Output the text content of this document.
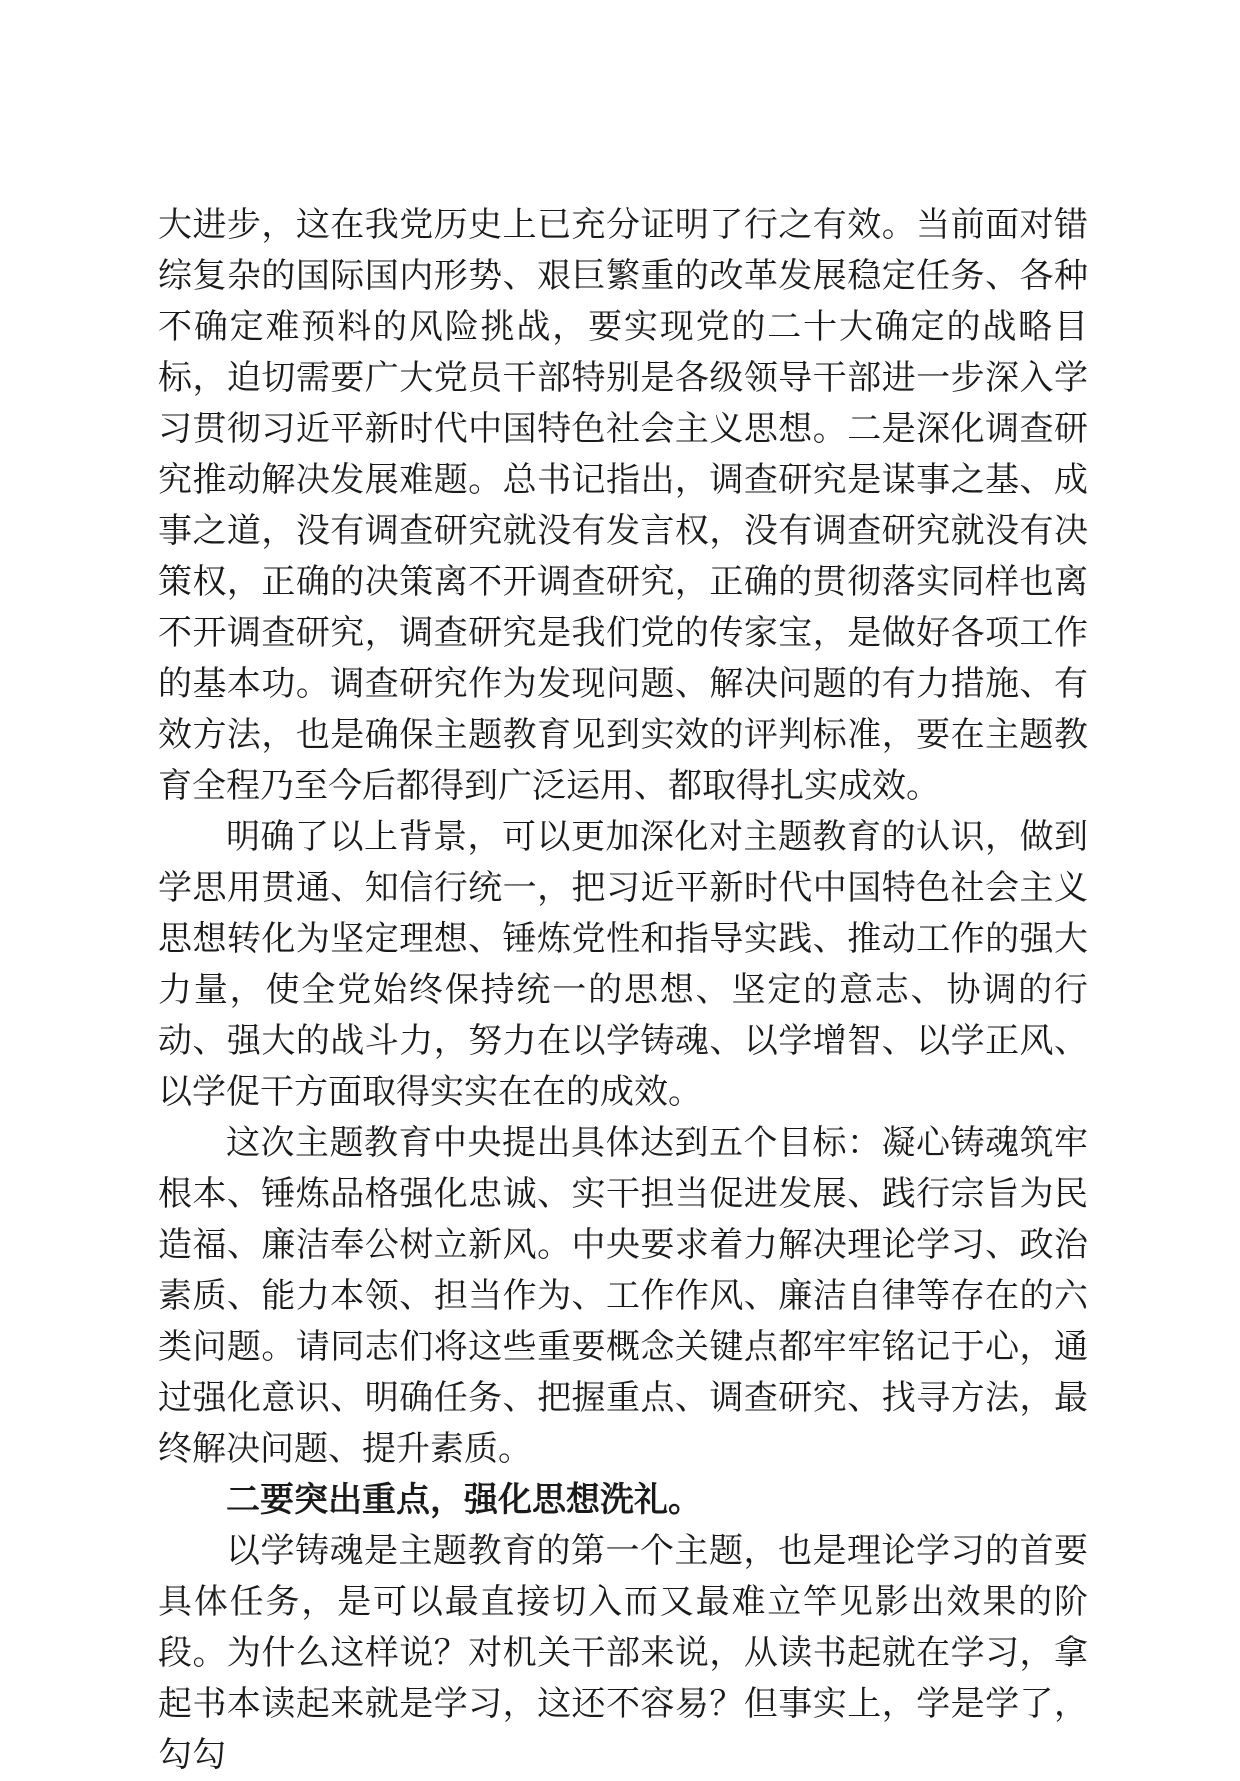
大进步，这在我党历史上已充分证明了行之有效。当前面对错综复杂的国际国内形势、艰巨繁重的改革发展稳定任务、各种不确定难预料的风险挑战，要实现党的二十大确定的战略目标，迫切需要广大党员干部特别是各级领导干部进一步深入学习贯彻习近平新时代中国特色社会主义思想。二是深化调查研究推动解决发展难题。总书记指出，调查研究是谋事之基、成事之道，没有调查研究就没有发言权，没有调查研究就没有决策权，正确的决策离不开调查研究，正确的贯彻落实同样也离不开调查研究，调查研究是我们党的传家宝，是做好各项工作的基本功。调查研究作为发现问题、解决问题的有力措施、有效方法，也是确保主题教育见到实效的评判标准，要在主题教育全程乃至今后都得到广泛运用、都取得扎实成效。

明确了以上背景，可以更加深化对主题教育的认识，做到学思用贯通、知信行统一，把习近平新时代中国特色社会主义思想转化为坚定理想、锤炼党性和指导实践、推动工作的强大力量，使全党始终保持统一的思想、坚定的意志、协调的行动、强大的战斗力，努力在以学铸魂、以学增智、以学正风、以学促干方面取得实实在在的成效。

这次主题教育中央提出具体达到五个目标：凝心铸魂筑牢根本、锤炼品格强化忠诚、实干担当促进发展、践行宗旨为民造福、廉洁奉公树立新风。中央要求着力解决理论学习、政治素质、能力本领、担当作为、工作作风、廉洁自律等存在的六类问题。请同志们将这些重要概念关键点都牢牢铭记于心，通过强化意识、明确任务、把握重点、调查研究、找寻方法，最终解决问题、提升素质。

二要突出重点，强化思想洗礼。

以学铸魂是主题教育的第一个主题，也是理论学习的首要具体任务，是可以最直接切入而又最难立竿见影出效果的阶段。为什么这样说？对机关干部来说，从读书起就在学习，拿起书本读起来就是学习，这还不容易？但事实上，学是学了，勾勾
